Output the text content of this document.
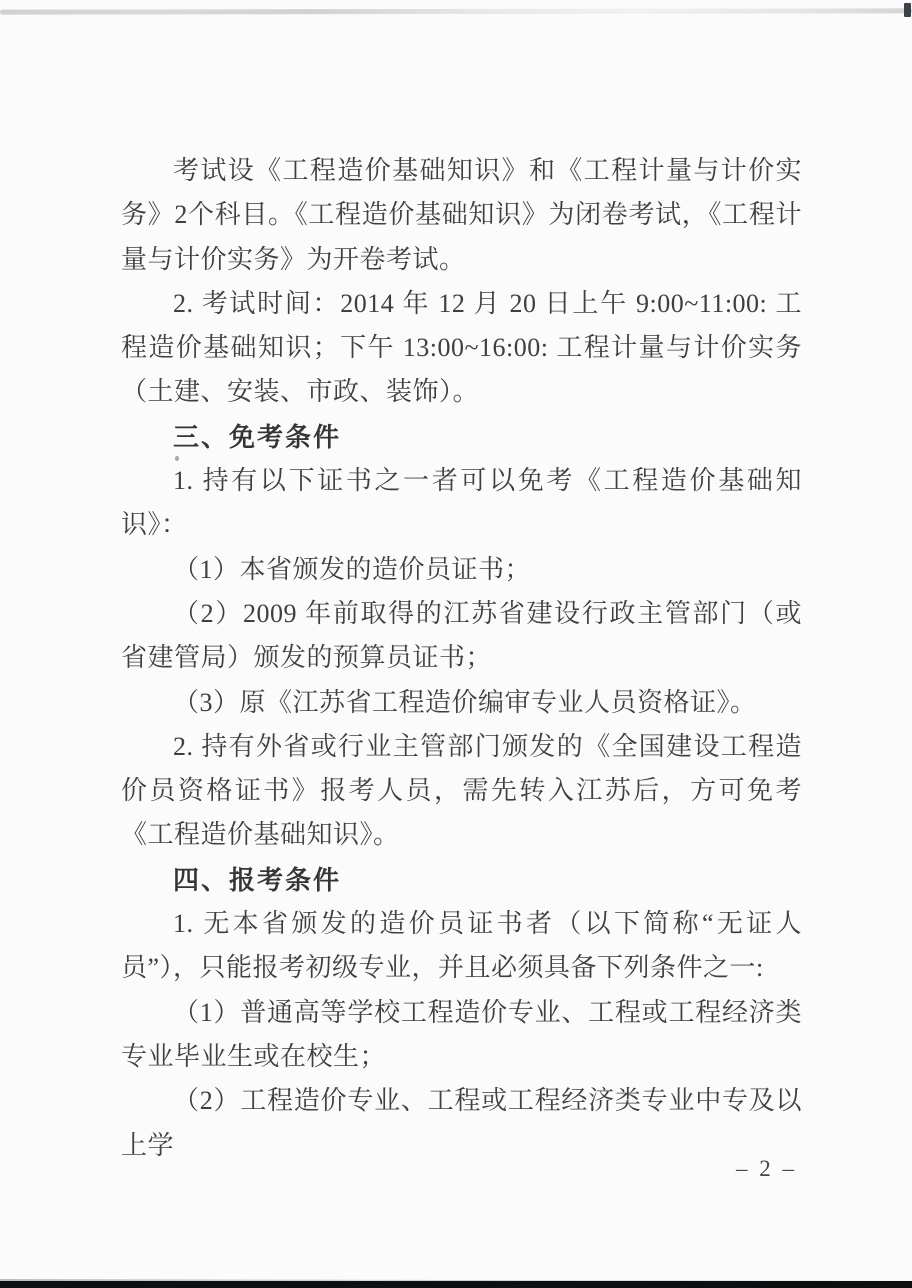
考试设《工程造价基础知识》和《工程计量与计价实务》2个科目。《工程造价基础知识》为闭卷考试，《工程计量与计价实务》为开卷考试。

2. 考试时间：2014 年 12 月 20 日上午 9:00~11:00: 工程造价基础知识；下午 13:00~16:00: 工程计量与计价实务（土建、安装、市政、装饰）。

三、免考条件

1. 持有以下证书之一者可以免考《工程造价基础知识》：

（1）本省颁发的造价员证书；

（2）2009 年前取得的江苏省建设行政主管部门（或省建管局）颁发的预算员证书；

（3）原《江苏省工程造价编审专业人员资格证》。

2. 持有外省或行业主管部门颁发的《全国建设工程造价员资格证书》报考人员，需先转入江苏后，方可免考《工程造价基础知识》。

四、报考条件

1. 无本省颁发的造价员证书者（以下简称“无证人员”），只能报考初级专业，并且必须具备下列条件之一:

（1）普通高等学校工程造价专业、工程或工程经济类专业毕业生或在校生；

（2）工程造价专业、工程或工程经济类专业中专及以上学

– 2 –
